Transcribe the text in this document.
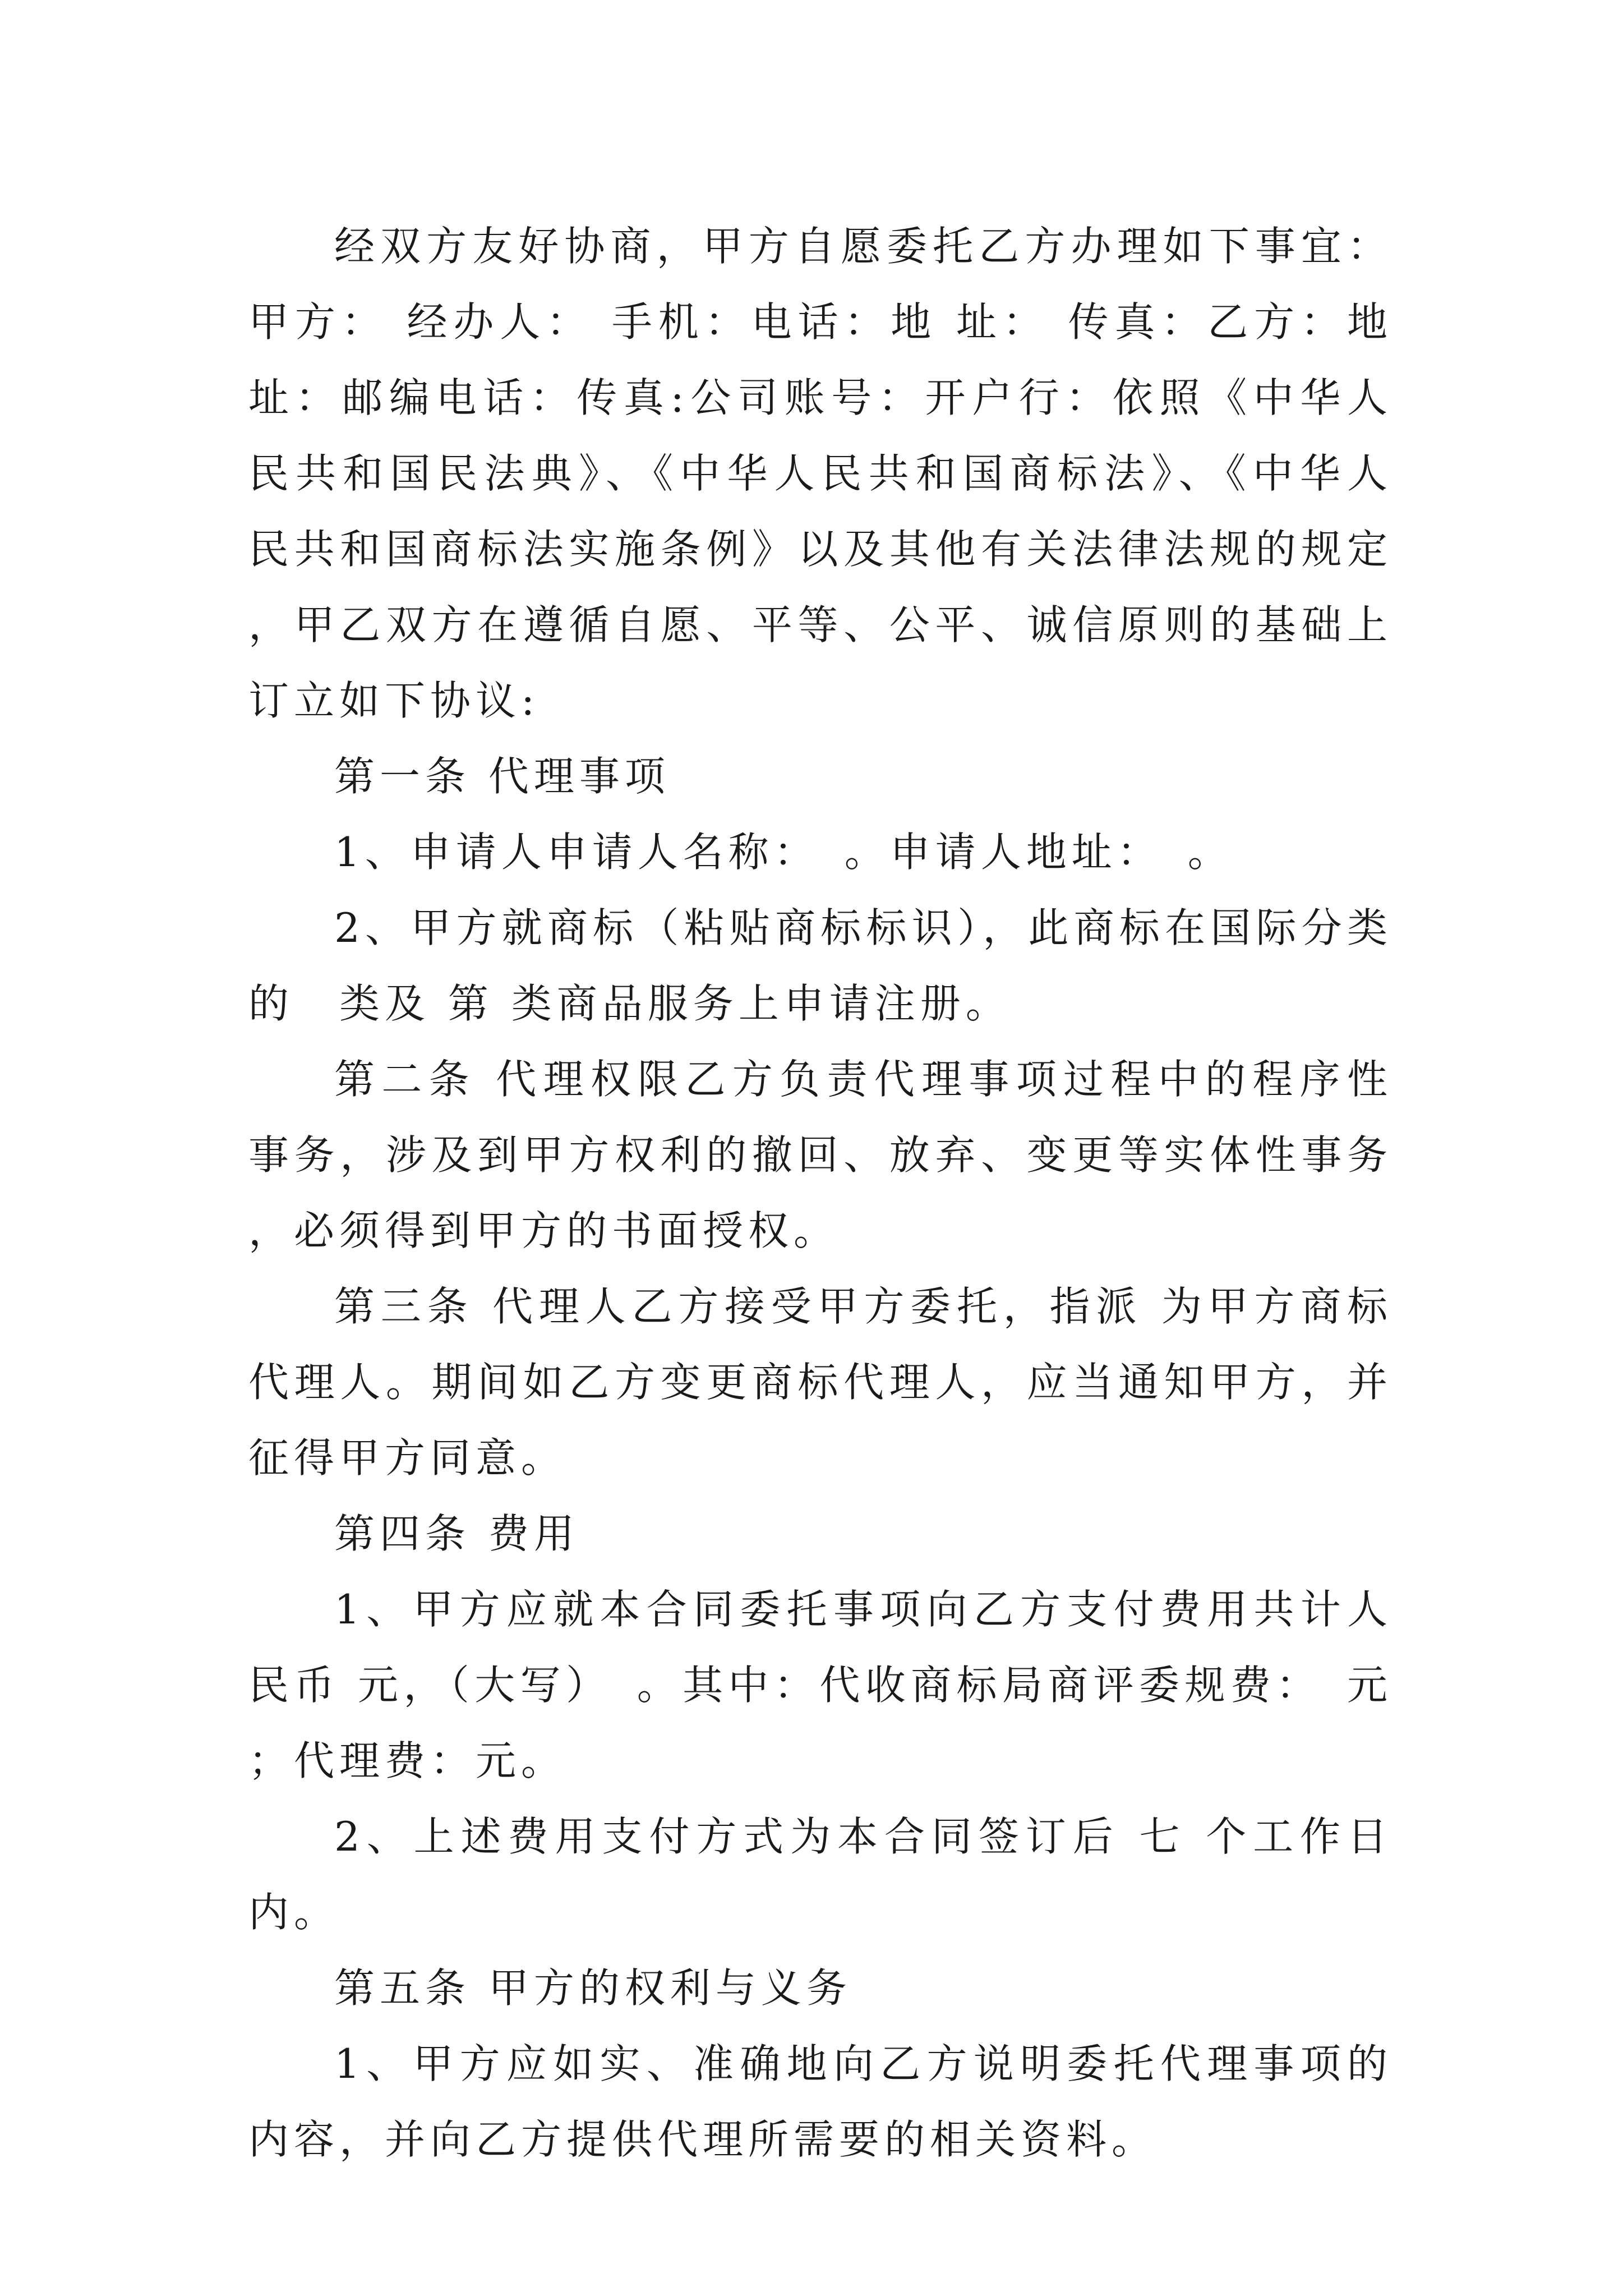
经双方友好协商，甲方自愿委托乙方办理如下事宜：甲方： 经办人： 手机：电话：地 址： 传真：乙方：地址：邮编电话：传真:公司账号：开户行：依照《中华人民共和国民法典》、《中华人民共和国商标法》、《中华人民共和国商标法实施条例》以及其他有关法律法规的规定，甲乙双方在遵循自愿、平等、公平、诚信原则的基础上订立如下协议:

第一条 代理事项

1、申请人申请人名称：　。申请人地址：　。

2、甲方就商标（粘贴商标标识），此商标在国际分类的　类及 第 类商品服务上申请注册。

第二条 代理权限乙方负责代理事项过程中的程序性事务，涉及到甲方权利的撤回、放弃、变更等实体性事务，必须得到甲方的书面授权。

第三条 代理人乙方接受甲方委托，指派 为甲方商标代理人。期间如乙方变更商标代理人，应当通知甲方，并征得甲方同意。

第四条 费用

1、甲方应就本合同委托事项向乙方支付费用共计人民币 元，（大写）　。其中：代收商标局商评委规费：　元；代理费：元。

2、上述费用支付方式为本合同签订后 七 个工作日内。

第五条 甲方的权利与义务

1、甲方应如实、准确地向乙方说明委托代理事项的内容，并向乙方提供代理所需要的相关资料。
